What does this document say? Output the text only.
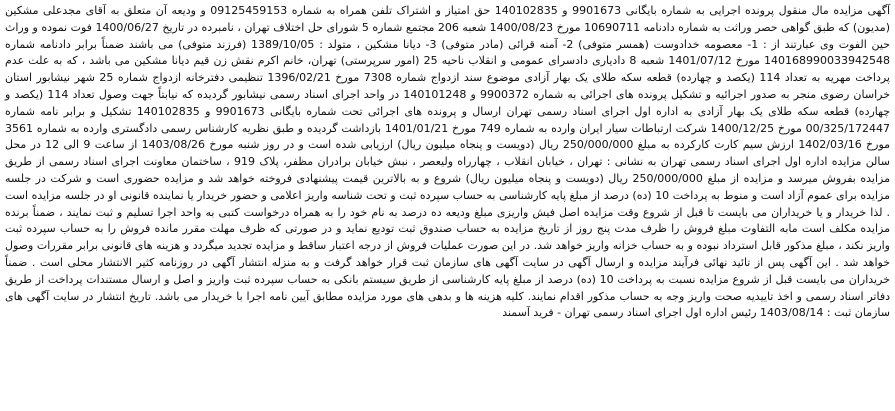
آگهی مزایده مال منقول پرونده اجرایی به شماره بایگانی 9901673 و 140102835 حق امتیاز و اشتراک تلفن همراه به شماره 09125459153 و ودیعه آن متعلق به آقای مجدعلی مشکین (مدیون) که طبق گواهی حصر وراثت به شماره دادنامه 10690711 مورخ 1400/08/23 شعبه 206 مجتمع شماره 5 شورای حل اختلاف تهران ، نامبرده در تاریخ 1400/06/27 فوت نموده و وراث حین الفوت وی عبارتند از : 1- معصومه خدادوست (همسر متوفی) 2- آمنه قرائی (مادر متوفی) 3- دیانا مشکین ، متولد : 1389/10/05 (فرزند متوفی) می باشند ضمناً برابر دادنامه شماره 140168990033942548 مورخ 1401/07/12 شعبه 8 دادیاری دادسرای عمومی و انقلاب ناحیه 25 (امور سرپرستی) تهران، خانم اکرم نقش زن قیم دیانا مشکین می باشد ، که به علت عدم پرداخت مهریه به تعداد 114 (یکصد و چهارده) قطعه سکه طلای یک بهار آزادی موضوع سند ازدواج شماره 7308 مورخ 1396/02/21 تنظیمی دفترخانه ازدواج شماره 25 شهر نیشابور استان خراسان رضوی منجر به صدور اجرائیه و تشکیل پرونده های اجرائی به شماره 9900372 و 140101248 در واحد اجرای اسناد رسمی نیشابور گردیده که نیابتاً جهت وصول تعداد 114 (یکصد و چهارده) قطعه سکه طلای یک بهار آزادی به اداره اول اجرای اسناد رسمی تهران ارسال و پرونده های اجرائی تحت شماره بایگانی 9901673 و 140102835 تشکیل و برابر نامه شماره 00/325/172447 مورخ 1400/12/25 شرکت ارتباطات سیار ایران وارده به شماره 749 مورخ 1401/01/21 بازداشت گردیده و طبق نظریه کارشناس رسمی دادگستری وارده به شماره 3561 مورخ 1402/03/16 ارزش سیم کارت کارکرده به مبلغ 250/000/000 ریال (دویست و پنجاه میلیون ریال) ارزیابی شده است و در روز شنبه مورخ 1403/08/26 از ساعت 9 الی 12 در محل سالن مزایده اداره اول اجرای اسناد رسمی تهران به نشانی : تهران ، خیابان انقلاب ، چهارراه ولیعصر ، نبش خیابان برادران مظفر، پلاک 919 ، ساختمان معاونت اجرای اسناد رسمی از طریق مزایده بفروش میرسد و مزایده از مبلغ 250/000/000 ریال (دویست و پنجاه میلیون ریال) شروع و به بالاترین قیمت پیشنهادی فروخته خواهد شد و مزایده حضوری است و شرکت در جلسه مزایده برای عموم آزاد است و منوط به پرداخت 10 (ده) درصد از مبلغ پایه کارشناسی به حساب سپرده ثبت و تحت شناسه واریز اعلامی و حضور خریدار یا نماینده قانونی او در جلسه مزایده است . لذا خریدار و یا خریداران می بایست تا قبل از شروع وقت مزایده اصل فیش واریزی مبلغ ودیعه ده درصد به نام خود را به همراه درخواست کتبی به واحد اجرا تسلیم و ثبت نمایند ، ضمناً برنده مزایده مکلف است مابه التفاوت مبلغ فروش را ظرف مدت پنج روز از تاریخ مزایده به حساب صندوق ثبت تودیع نماید و در صورتی که ظرف مهلت مقرر مانده فروش را به حساب سپرده ثبت واریز نکند ، مبلغ مذکور قابل استرداد نبوده و به حساب خزانه واریز خواهد شد. در این صورت عملیات فروش از درجه اعتبار ساقط و مزایده تجدید میگردد و هزینه های قانونی برابر مقررات وصول خواهد شد . این آگهی پس از تائید نهائی فرآیند مزایده و ارسال آگهی در سایت آگهی های سازمان ثبت قرار خواهد گرفت و به منزله انتشار آگهی در روزنامه کثیر الانتشار محلی است . ضمناً خریداران می بایست قبل از شروع مزایده نسبت به پرداخت 10 (ده) درصد از مبلغ پایه کارشناسی از طریق سیستم بانکی به حساب سپرده ثبت واریز و اصل و ارسال مستندات پرداخت از طریق دفاتر اسناد رسمی و اخذ تاییدیه صحت واریز وجه به حساب مذکور اقدام نمایند. کلیه هزینه ها و بدهی های مورد مزایده مطابق آیین نامه اجرا با خریدار می باشد. تاریخ انتشار در سایت آگهی های سازمان ثبت : 1403/08/14 رئیس اداره اول اجرای اسناد رسمی تهران - فرید آسمند
